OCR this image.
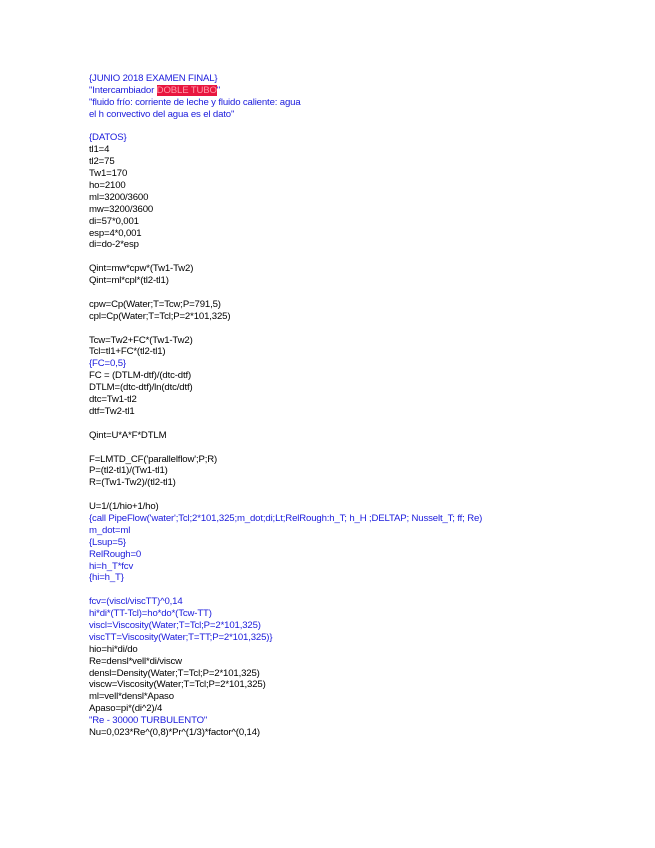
{JUNIO 2018 EXAMEN FINAL}
"Intercambiador DOBLE TUBO"
"fluido frío: corriente de leche y fluido caliente: agua
el h convectivo del agua es el dato"
{DATOS}
tl1=4
tl2=75
Tw1=170
ho=2100
ml=3200/3600
mw=3200/3600
di=57*0,001
esp=4*0,001
di=do-2*esp
Qint=mw*cpw*(Tw1-Tw2)
Qint=ml*cpl*(tl2-tl1)
cpw=Cp(Water;T=Tcw;P=791,5)
cpl=Cp(Water;T=Tcl;P=2*101,325)
Tcw=Tw2+FC*(Tw1-Tw2)
Tcl=tl1+FC*(tl2-tl1)
{FC=0,5}
FC = (DTLM-dtf)/(dtc-dtf)
DTLM=(dtc-dtf)/ln(dtc/dtf)
dtc=Tw1-tl2
dtf=Tw2-tl1
Qint=U*A*F*DTLM
F=LMTD_CF('parallelflow';P;R)
P=(tl2-tl1)/(Tw1-tl1)
R=(Tw1-Tw2)/(tl2-tl1)
U=1/(1/hio+1/ho)
{call PipeFlow('water';Tcl;2*101,325;m_dot;di;Lt;RelRough:h_T; h_H ;DELTAP; Nusselt_T; ff; Re)
m_dot=ml
{Lsup=5}
RelRough=0
hi=h_T*fcv
{hi=h_T}
fcv=(viscl/viscTT)^0,14
hi*di*(TT-Tcl)=ho*do*(Tcw-TT)
viscl=Viscosity(Water;T=Tcl;P=2*101,325)
viscTT=Viscosity(Water;T=TT;P=2*101,325)}
hio=hi*di/do
Re=densl*vell*di/viscw
densl=Density(Water;T=Tcl;P=2*101,325)
viscw=Viscosity(Water;T=Tcl;P=2*101,325)
ml=vell*densl*Apaso
Apaso=pi*(di^2)/4
"Re - 30000 TURBULENTO"
Nu=0,023*Re^(0,8)*Pr^(1/3)*factor^(0,14)
